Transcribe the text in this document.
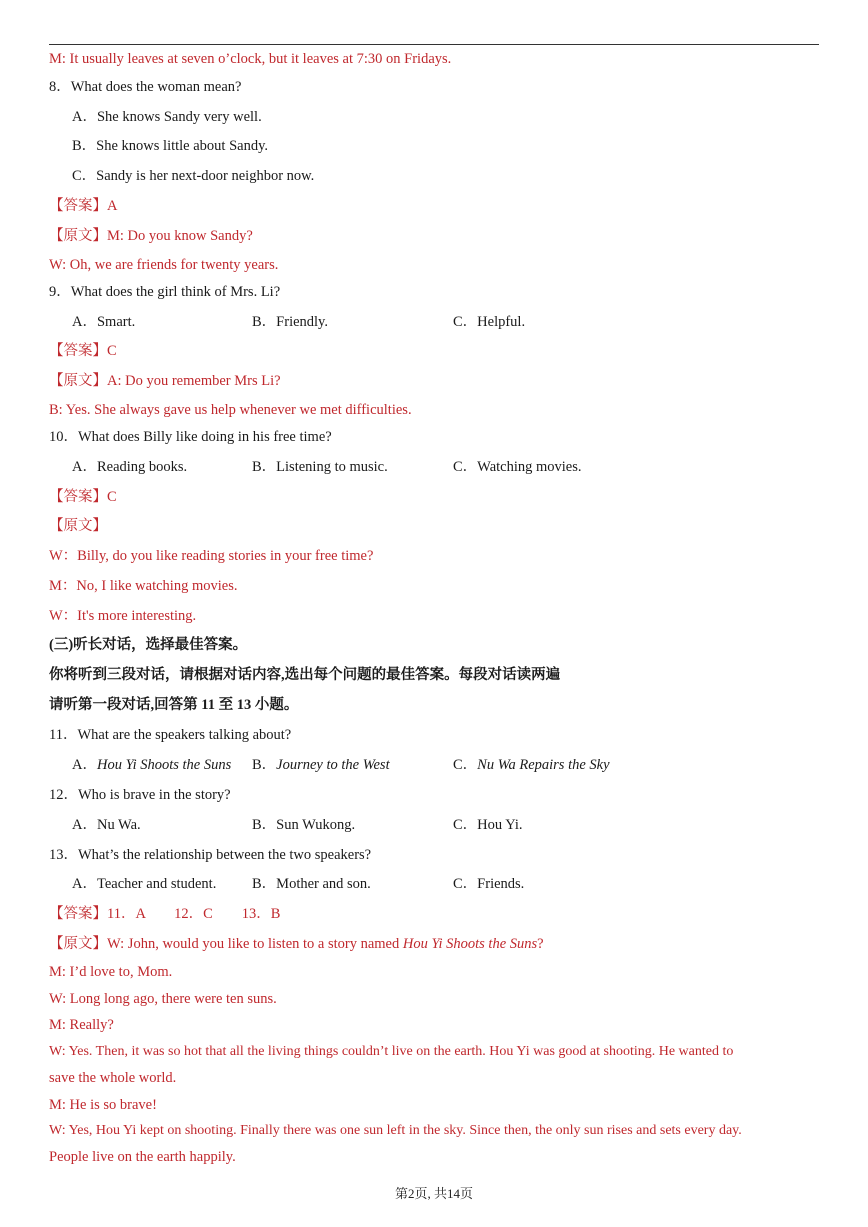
M: It usually leaves at seven o’clock, but it leaves at 7:30 on Fridays.
8．What does the woman mean?
A．She knows Sandy very well.
B．She knows little about Sandy.
C．Sandy is her next-door neighbor now.
【答案】A
【原文】M: Do you know Sandy?
W: Oh, we are friends for twenty years.
9．What does the girl think of Mrs. Li?
A．Smart.	B．Friendly.	C．Helpful.
【答案】C
【原文】A: Do you remember Mrs Li?
B: Yes. She always gave us help whenever we met difficulties.
10．What does Billy like doing in his free time?
A．Reading books.	B．Listening to music.	C．Watching movies.
【答案】C
【原文】
W：Billy, do you like reading stories in your free time?
M：No, I like watching movies.
W：It's more interesting.
(三)听长对话，选择最佳答案。
你将听到三段对话，请根据对话内容,选出每个问题的最佳答案。每段对话读两遍
请听第一段对话,回答第 11 至 13 小题。
11．What are the speakers talking about?
A．Hou Yi Shoots the Suns B．Journey to the West	C．Nu Wa Repairs the Sky
12．Who is brave in the story?
A．Nu Wa.	B．Sun Wukong.	C．Hou Yi.
13．What’s the relationship between the two speakers?
A．Teacher and student. B．Mother and son.	C．Friends.
【答案】11．A　　12．C　　13．B
【原文】W: John, would you like to listen to a story named Hou Yi Shoots the Suns?
M: I’d love to, Mom.
W: Long long ago, there were ten suns.
M: Really?
W: Yes. Then, it was so hot that all the living things couldn’t live on the earth. Hou Yi was good at shooting. He wanted to
save the whole world.
M: He is so brave!
W: Yes, Hou Yi kept on shooting. Finally there was one sun left in the sky. Since then, the only sun rises and sets every day.
People live on the earth happily.
第2页, 共14页
